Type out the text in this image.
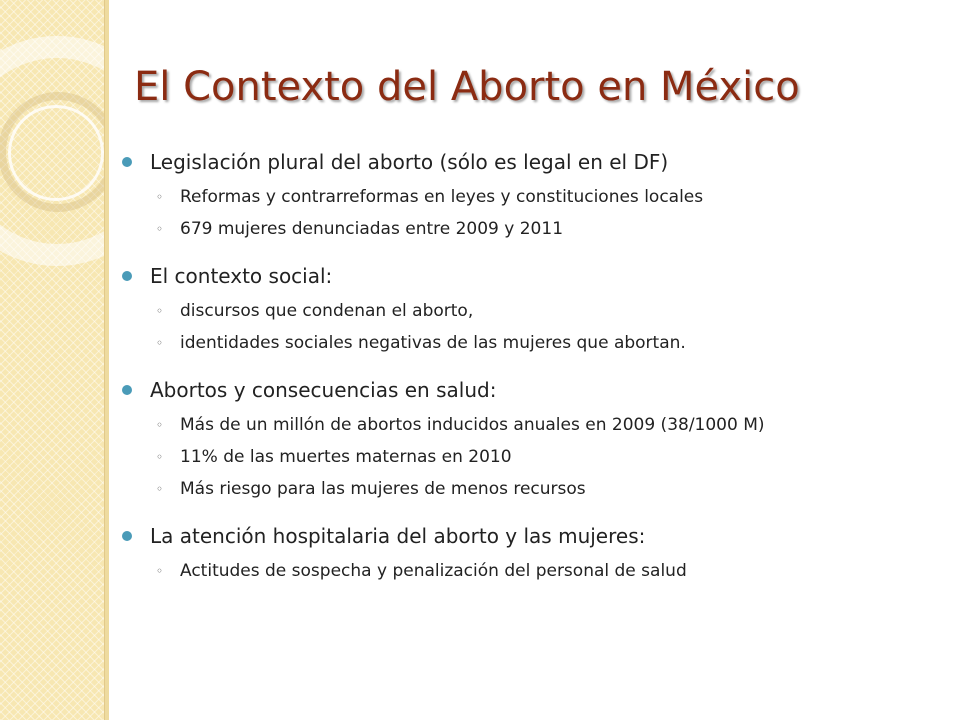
El Contexto del Aborto en México
Legislación plural del aborto (sólo es legal en el DF)
◦ Reformas y contrarreformas en leyes y constituciones locales
◦ 679 mujeres denunciadas entre 2009 y 2011
El contexto social:
◦ discursos que condenan el aborto,
◦ identidades sociales negativas de las mujeres que abortan.
Abortos y consecuencias en salud:
◦ Más de un millón de abortos inducidos anuales en 2009 (38/1000 M)
◦ 11% de las muertes maternas en 2010
◦ Más riesgo para las mujeres de menos recursos
La atención hospitalaria del aborto y las mujeres:
◦ Actitudes de sospecha y penalización del personal de salud
